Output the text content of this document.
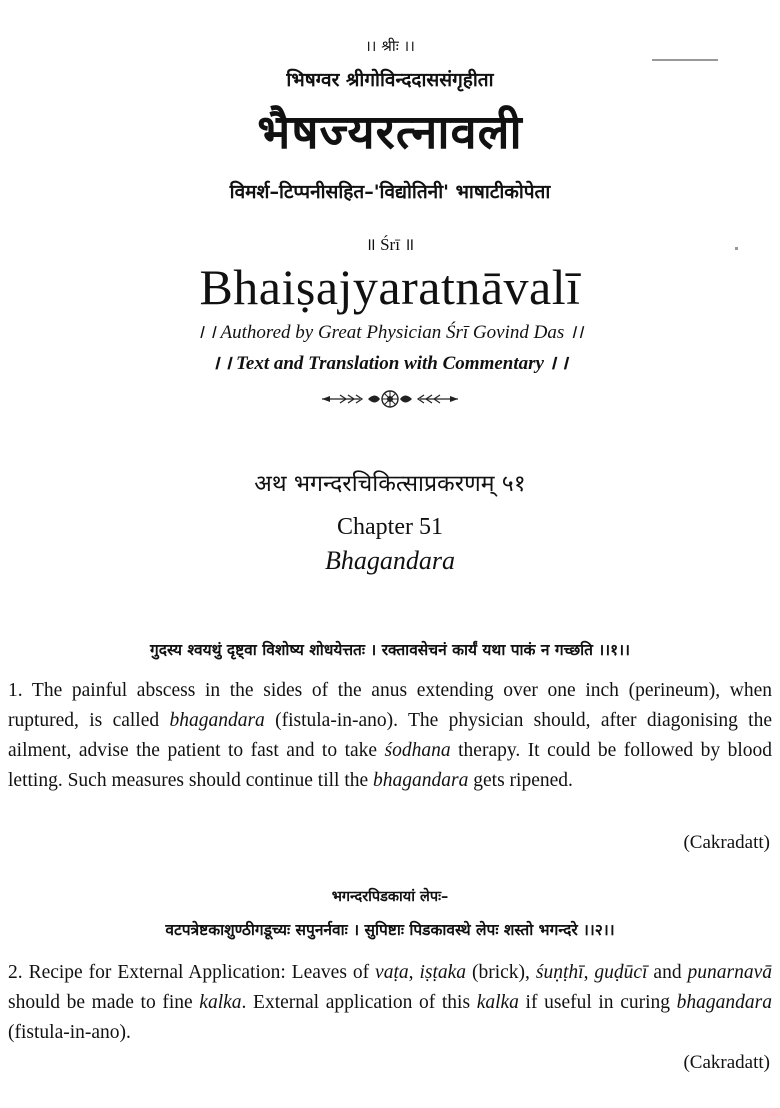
।। श्रीः ।।
भिषग्वर श्रीगोविन्ददाससंगृहीता
भैषज्यरत्नावली
विमर्श–टिप्पनीसहित–'विद्योतिनी' भाषाटीकोपेता
॥ Śrī ॥
Bhaiṣajyaratnāvalī
। । Authored by Great Physician Śrī Govind Das ।।
। । Text and Translation with Commentary । ।
अथ भगन्दरचिकित्साप्रकरणम् ५१
Chapter 51
Bhagandara
गुदस्य श्वयथुं दृष्ट्वा विशोष्य शोधयेत्ततः । रक्तावसेचनं कार्यं यथा पाकं न गच्छति ।।१।।
1. The painful abscess in the sides of the anus extending over one inch (perineum), when ruptured, is called bhagandara (fistula-in-ano). The physician should, after diagonising the ailment, advise the patient to fast and to take śodhana therapy. It could be followed by blood letting. Such measures should continue till the bhagandara gets ripened.
(Cakradatt)
भगन्दरपिडकायां लेपः–
वटपत्रेष्टकाशुण्ठीगडूच्यः सपुनर्नवाः । सुपिष्टाः पिडकावस्थे लेपः शस्तो भगन्दरे ।।२।।
2. Recipe for External Application: Leaves of vaṭa, iṣṭaka (brick), śuṇṭhī, guḍūcī and punarnavā should be made to fine kalka. External application of this kalka if useful in curing bhagandara (fistula-in-ano).
(Cakradatt)
